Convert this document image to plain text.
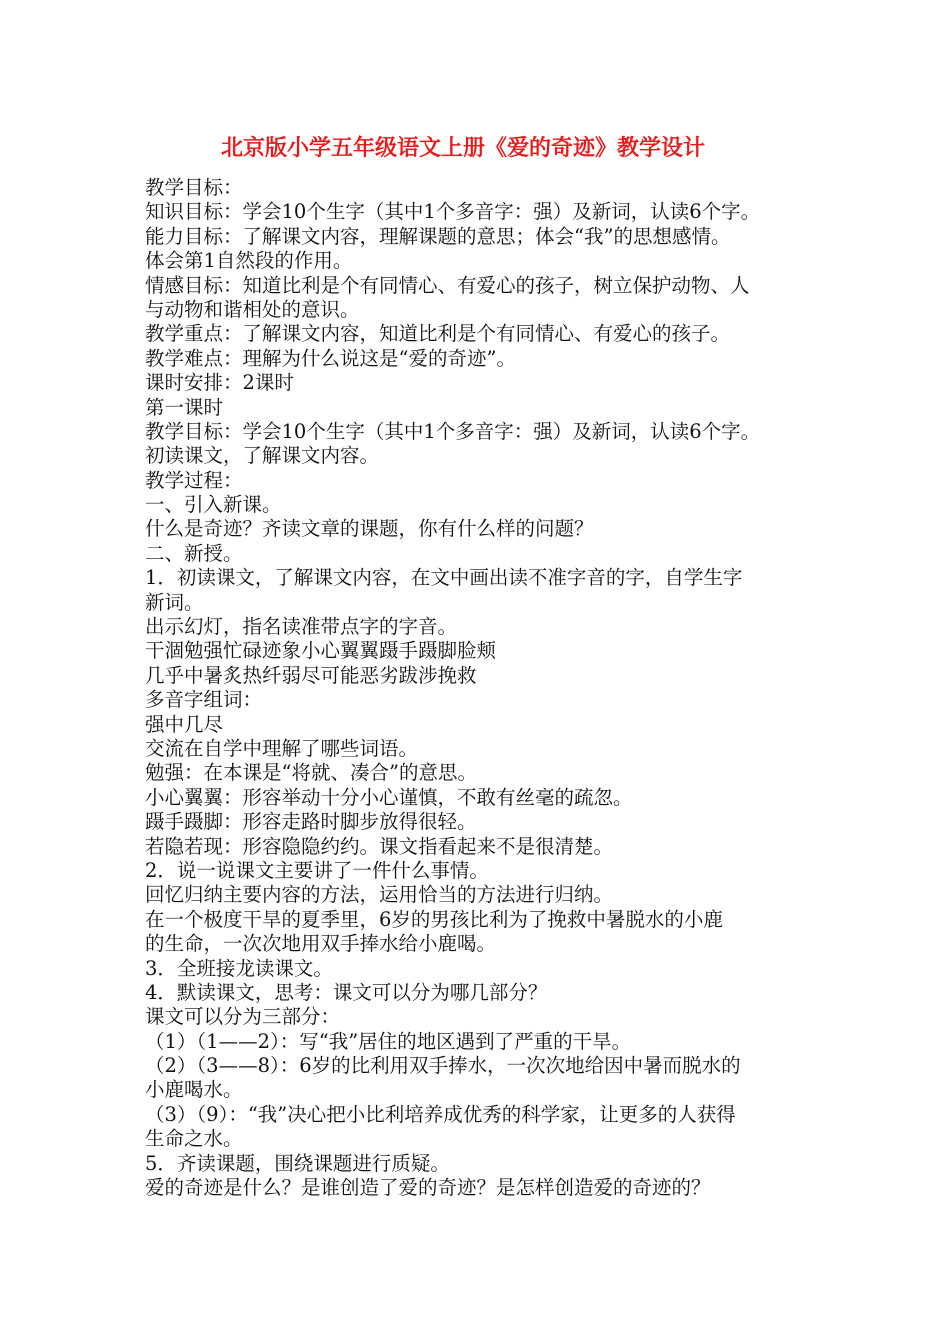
北京版小学五年级语文上册《爱的奇迹》教学设计
教学目标：
知识目标：学会10个生字（其中1个多音字：强）及新词，认读6个字。
能力目标：了解课文内容，理解课题的意思；体会“我”的思想感情。
体会第1自然段的作用。
情感目标：知道比利是个有同情心、有爱心的孩子，树立保护动物、人
与动物和谐相处的意识。
教学重点：了解课文内容，知道比利是个有同情心、有爱心的孩子。
教学难点：理解为什么说这是“爱的奇迹”。
课时安排：2课时
第一课时
教学目标：学会10个生字（其中1个多音字：强）及新词，认读6个字。
初读课文，了解课文内容。
教学过程：
一、引入新课。
什么是奇迹？齐读文章的课题，你有什么样的问题？
二、新授。
1．初读课文，了解课文内容，在文中画出读不准字音的字，自学生字
新词。
出示幻灯，指名读准带点字的字音。
干涸勉强忙碌迹象小心翼翼蹑手蹑脚脸颊
几乎中暑炙热纤弱尽可能恶劣跋涉挽救
多音字组词：
强中几尽
交流在自学中理解了哪些词语。
勉强：在本课是“将就、凑合”的意思。
小心翼翼：形容举动十分小心谨慎，不敢有丝毫的疏忽。
蹑手蹑脚：形容走路时脚步放得很轻。
若隐若现：形容隐隐约约。课文指看起来不是很清楚。
2．说一说课文主要讲了一件什么事情。
回忆归纳主要内容的方法，运用恰当的方法进行归纳。
在一个极度干旱的夏季里，6岁的男孩比利为了挽救中暑脱水的小鹿
的生命，一次次地用双手捧水给小鹿喝。
3．全班接龙读课文。
4．默读课文，思考：课文可以分为哪几部分？
课文可以分为三部分：
（1）（1——2）：写“我”居住的地区遇到了严重的干旱。
（2）（3——8）：6岁的比利用双手捧水，一次次地给因中暑而脱水的
小鹿喝水。
（3）（9）：“我”决心把小比利培养成优秀的科学家，让更多的人获得
生命之水。
5．齐读课题，围绕课题进行质疑。
爱的奇迹是什么？是谁创造了爱的奇迹？是怎样创造爱的奇迹的？
